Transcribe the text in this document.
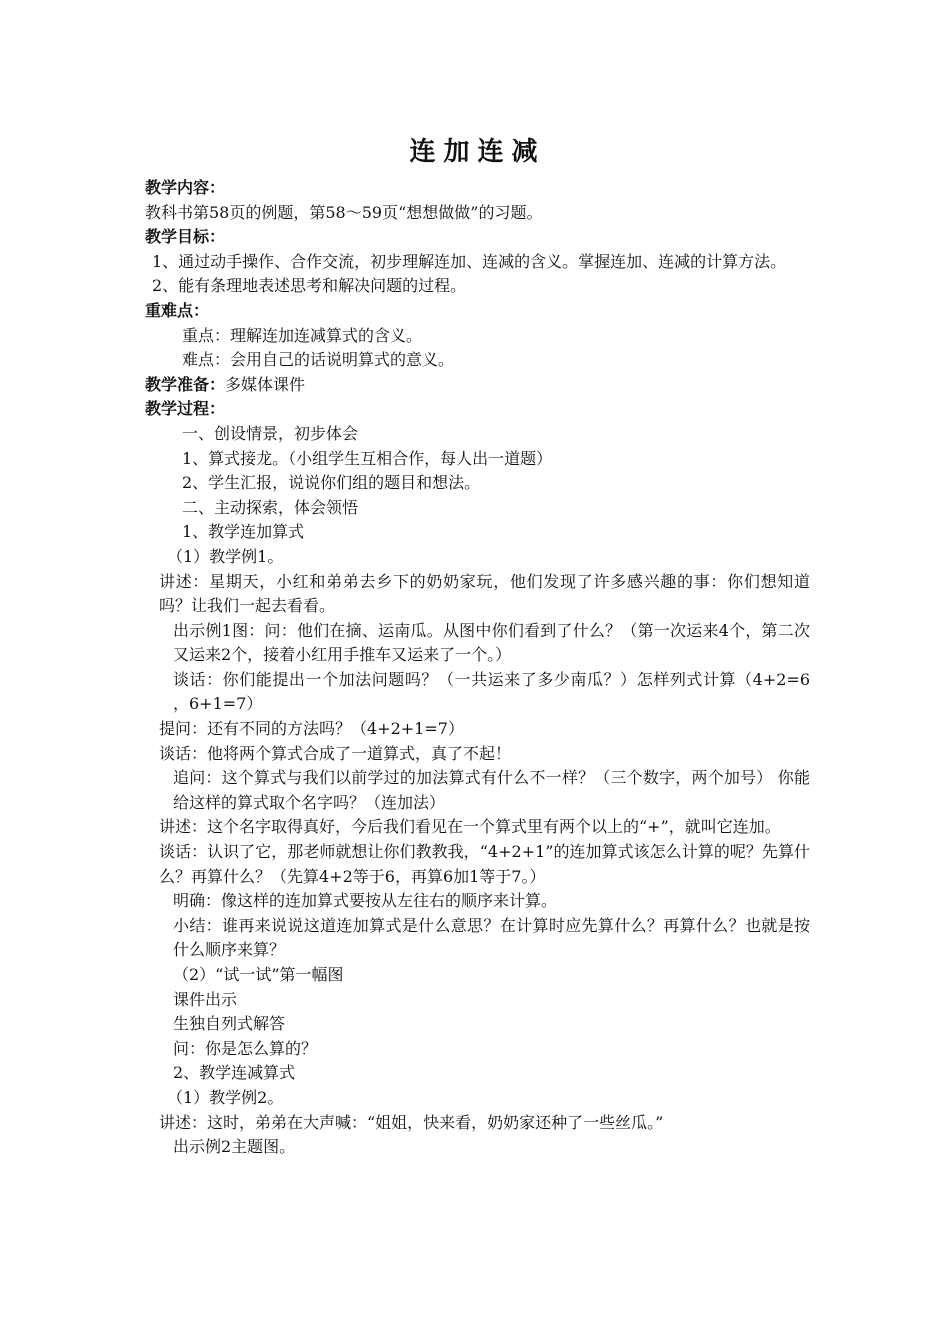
连加连减

教学内容：

教科书第58页的例题，第58～59页“想想做做”的习题。

教学目标：

1、通过动手操作、合作交流，初步理解连加、连减的含义。掌握连加、连减的计算方法。

2、能有条理地表述思考和解决问题的过程。

重难点：

重点：理解连加连减算式的含义。

难点：会用自己的话说明算式的意义。

教学准备：多媒体课件

教学过程：

一、创设情景，初步体会

1、算式接龙。（小组学生互相合作，每人出一道题）

2、学生汇报，说说你们组的题目和想法。

二、主动探索，体会领悟

1、教学连加算式

（1）教学例1。

讲述：星期天，小红和弟弟去乡下的奶奶家玩，他们发现了许多感兴趣的事：你们想知道吗？让我们一起去看看。

出示例1图：问：他们在摘、运南瓜。从图中你们看到了什么？（第一次运来4个，第二次又运来2个，接着小红用手推车又运来了一个。）

谈话：你们能提出一个加法问题吗？（一共运来了多少南瓜？）怎样列式计算（4+2=6 ，6+1=7）

提问：还有不同的方法吗？（4+2+1=7）

谈话：他将两个算式合成了一道算式，真了不起！

追问：这个算式与我们以前学过的加法算式有什么不一样？（三个数字，两个加号） 你能给这样的算式取个名字吗？（连加法）

讲述：这个名字取得真好，今后我们看见在一个算式里有两个以上的“+”，就叫它连加。

谈话：认识了它，那老师就想让你们教教我，“4+2+1”的连加算式该怎么计算的呢？先算什么？再算什么？（先算4+2等于6，再算6加1等于7。）

明确：像这样的连加算式要按从左往右的顺序来计算。

小结：谁再来说说这道连加算式是什么意思？在计算时应先算什么？再算什么？也就是按什么顺序来算？

（2）“试一试”第一幅图

课件出示

生独自列式解答

问：你是怎么算的？

2、教学连减算式

（1）教学例2。

讲述：这时，弟弟在大声喊：“姐姐，快来看，奶奶家还种了一些丝瓜。”

出示例2主题图。
